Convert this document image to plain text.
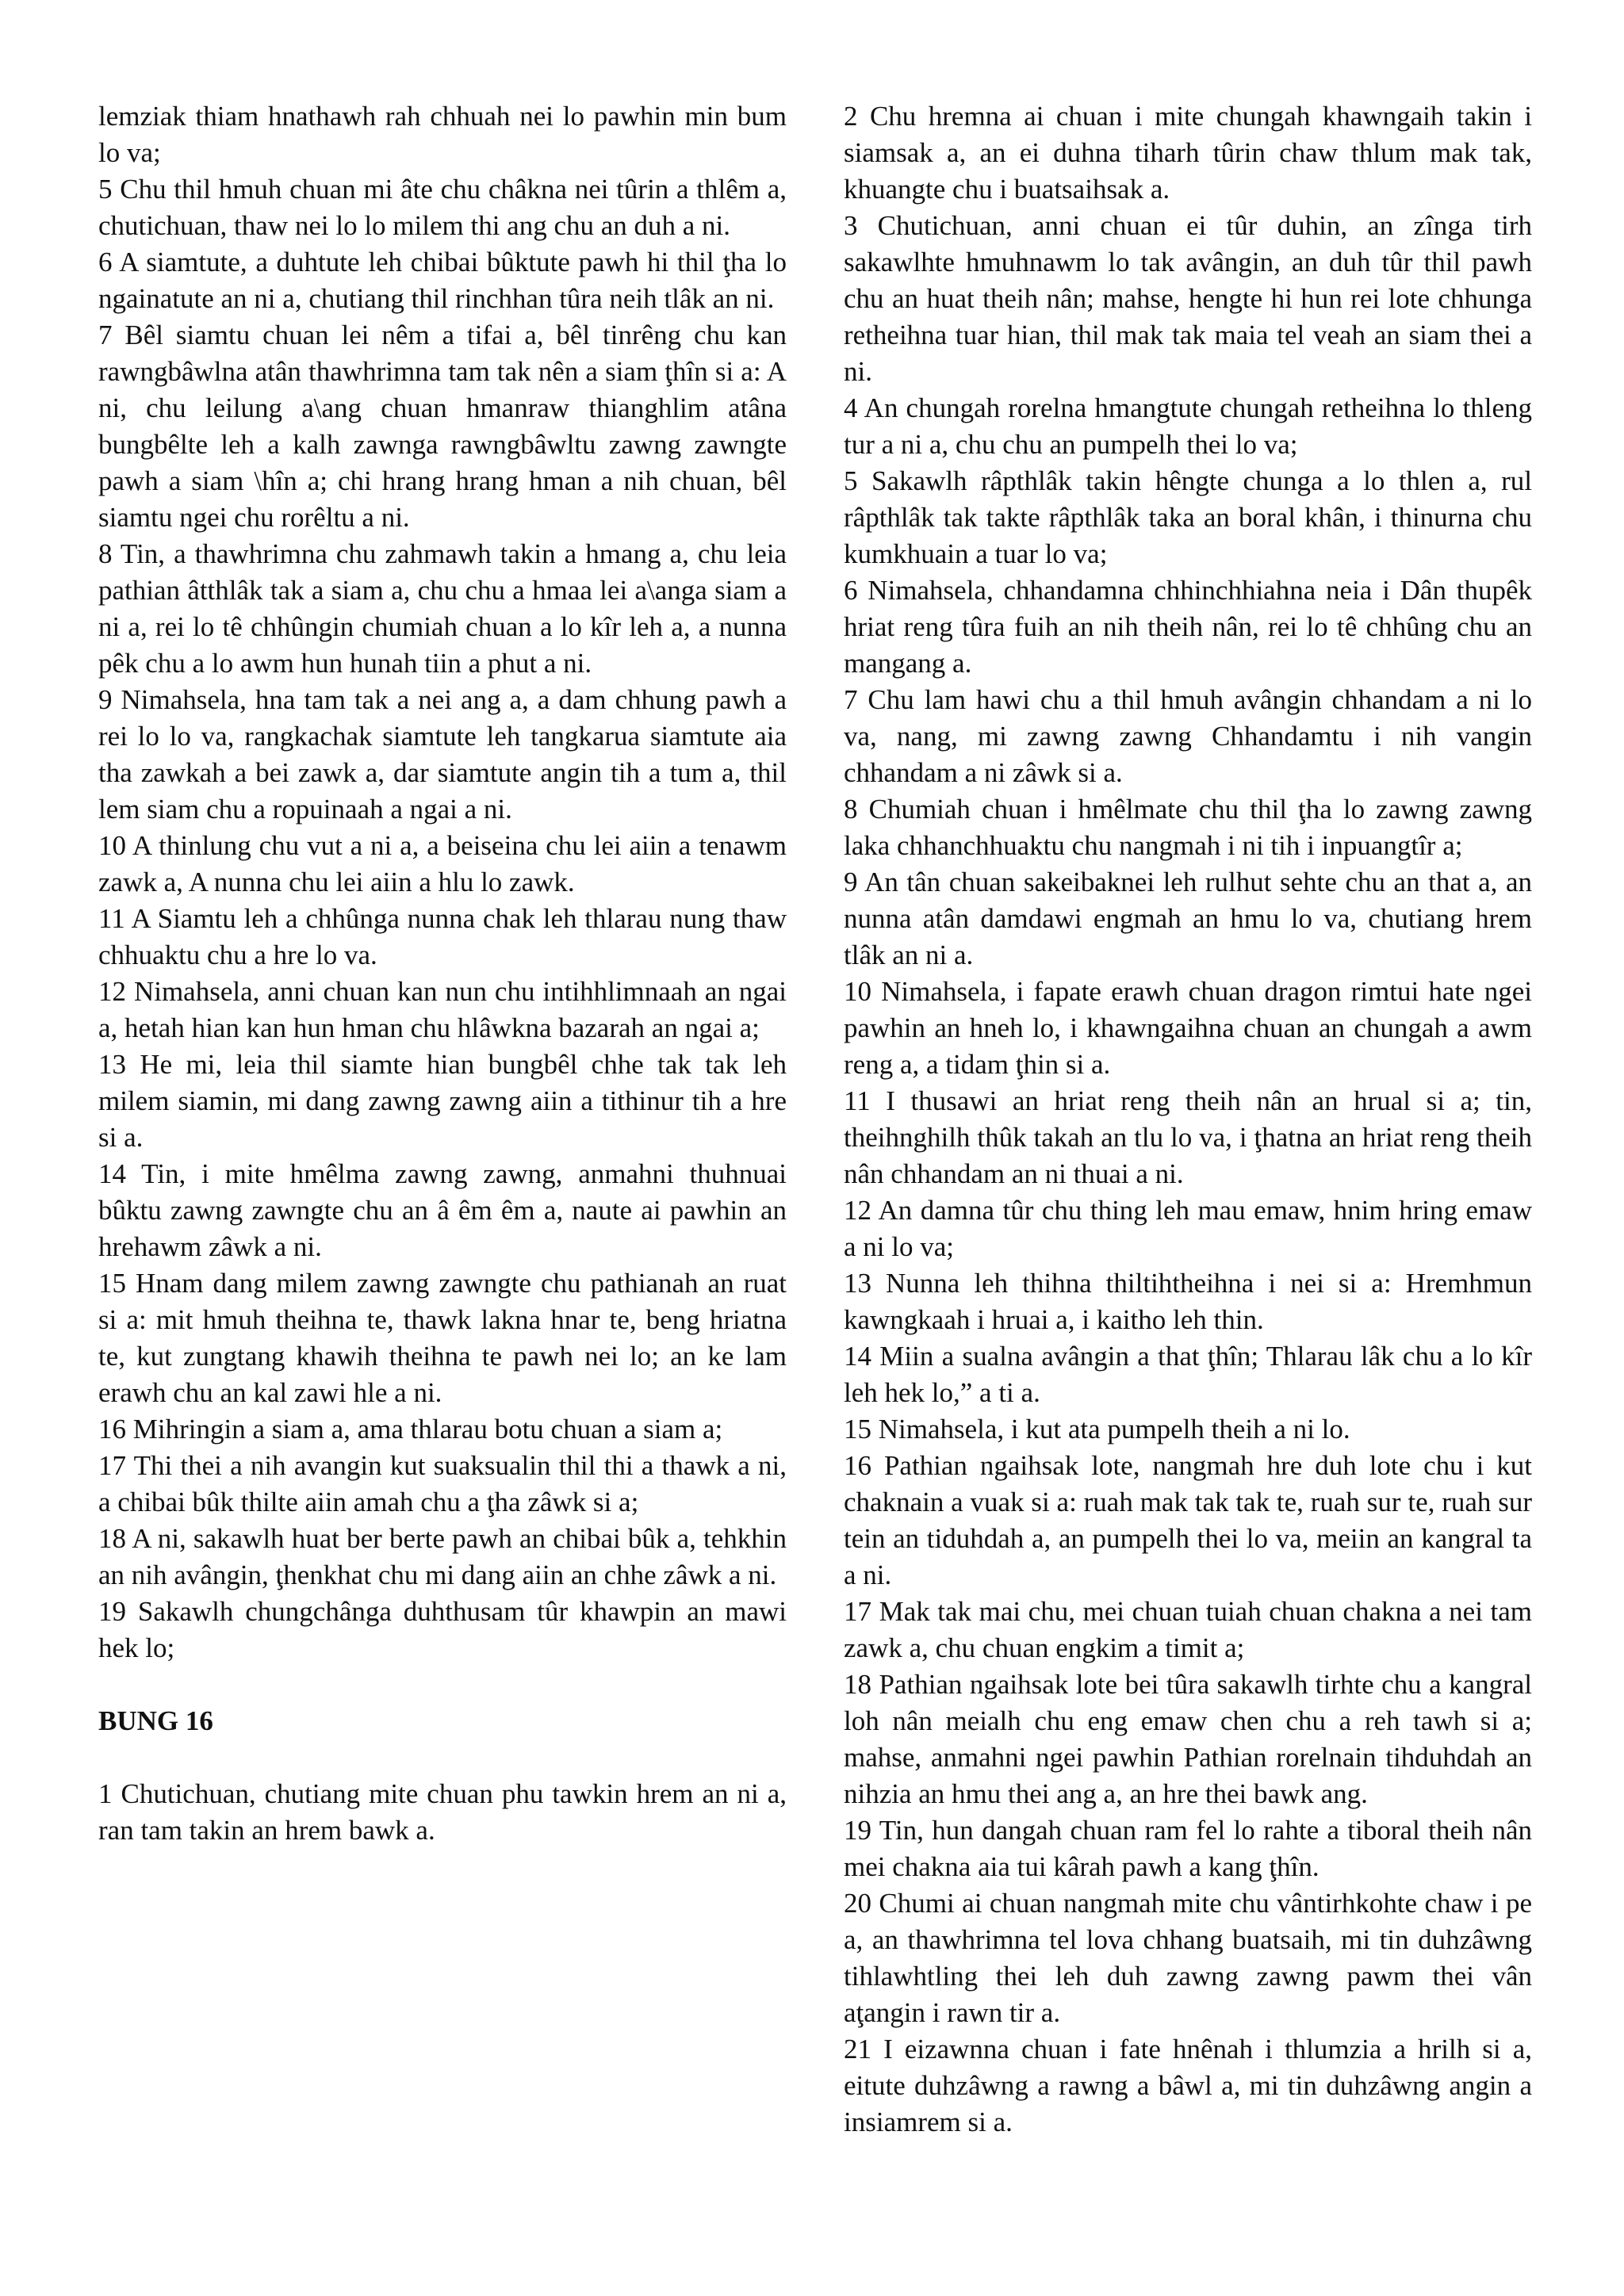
lemziak thiam hnathawh rah chhuah nei lo pawhin min bum lo va;

5 Chu thil hmuh chuan mi âte chu châkna nei tûrin a thlêm a, chutichuan, thaw nei lo lo milem thi ang chu an duh a ni.

6 A siamtute, a duhtute leh chibai bûktute pawh hi thil ţha lo ngainatute an ni a, chutiang thil rinchhan tûra neih tlâk an ni.

7 Bêl siamtu chuan lei nêm a tifai a, bêl tinrêng chu kan rawngbâwlna atân thawhrimna tam tak nên a siam ţhîn si a: A ni, chu leilung a\ang chuan hmanraw thianghlim atâna bungbêlte leh a kalh zawnga rawngbâwltu zawng zawngte pawh a siam \hîn a; chi hrang hrang hman a nih chuan, bêl siamtu ngei chu rorêltu a ni.

8 Tin, a thawhrimna chu zahmawh takin a hmang a, chu leia pathian âtthlâk tak a siam a, chu chu a hmaa lei a\anga siam a ni a, rei lo tê chhûngin chumiah chuan a lo kîr leh a, a nunna pêk chu a lo awm hun hunah tiin a phut a ni.

9 Nimahsela, hna tam tak a nei ang a, a dam chhung pawh a rei lo lo va, rangkachak siamtute leh tangkarua siamtute aia tha zawkah a bei zawk a, dar siamtute angin tih a tum a, thil lem siam chu a ropuinaah a ngai a ni.

10 A thinlung chu vut a ni a, a beiseina chu lei aiin a tenawm zawk a, A nunna chu lei aiin a hlu lo zawk.

11 A Siamtu leh a chhûnga nunna chak leh thlarau nung thaw chhuaktu chu a hre lo va.

12 Nimahsela, anni chuan kan nun chu intihhlimnaah an ngai a, hetah hian kan hun hman chu hlâwkna bazarah an ngai a;

13 He mi, leia thil siamte hian bungbêl chhe tak tak leh milem siamin, mi dang zawng zawng aiin a tithinur tih a hre si a.

14 Tin, i mite hmêlma zawng zawng, anmahni thuhnuai bûktu zawng zawngte chu an â êm êm a, naute ai pawhin an hrehawm zâwk a ni.

15 Hnam dang milem zawng zawngte chu pathianah an ruat si a: mit hmuh theihna te, thawk lakna hnar te, beng hriatna te, kut zungtang khawih theihna te pawh nei lo; an ke lam erawh chu an kal zawi hle a ni.

16 Mihringin a siam a, ama thlarau botu chuan a siam a;

17 Thi thei a nih avangin kut suaksualin thil thi a thawk a ni, a chibai bûk thilte aiin amah chu a ţha zâwk si a;

18 A ni, sakawlh huat ber berte pawh an chibai bûk a, tehkhin an nih avângin, ţhenkhat chu mi dang aiin an chhe zâwk a ni.

19 Sakawlh chungchânga duhthusam tûr khawpin an mawi hek lo;

BUNG 16

1 Chutichuan, chutiang mite chuan phu tawkin hrem an ni a, ran tam takin an hrem bawk a.

2 Chu hremna ai chuan i mite chungah khawngaih takin i siamsak a, an ei duhna tiharh tûrin chaw thlum mak tak, khuangte chu i buatsaihsak a.

3 Chutichuan, anni chuan ei tûr duhin, an zînga tirh sakawlhte hmuhnawm lo tak avângin, an duh tûr thil pawh chu an huat theih nân; mahse, hengte hi hun rei lote chhunga retheihna tuar hian, thil mak tak maia tel veah an siam thei a ni.

4 An chungah rorelna hmangtute chungah retheihna lo thleng tur a ni a, chu chu an pumpelh thei lo va;

5 Sakawlh râpthlâk takin hêngte chunga a lo thlen a, rul râpthlâk tak takte râpthlâk taka an boral khân, i thinurna chu kumkhuain a tuar lo va;

6 Nimahsela, chhandamna chhinchhiahna neia i Dân thupêk hriat reng tûra fuih an nih theih nân, rei lo tê chhûng chu an mangang a.

7 Chu lam hawi chu a thil hmuh avângin chhandam a ni lo va, nang, mi zawng zawng Chhandamtu i nih vangin chhandam a ni zâwk si a.

8 Chumiah chuan i hmêlmate chu thil ţha lo zawng zawng laka chhanchhuaktu chu nangmah i ni tih i inpuangtîr a;

9 An tân chuan sakeibaknei leh rulhut sehte chu an that a, an nunna atân damdawi engmah an hmu lo va, chutiang hrem tlâk an ni a.

10 Nimahsela, i fapate erawh chuan dragon rimtui hate ngei pawhin an hneh lo, i khawngaihna chuan an chungah a awm reng a, a tidam ţhin si a.

11 I thusawi an hriat reng theih nân an hrual si a; tin, theihnghilh thûk takah an tlu lo va, i ţhatna an hriat reng theih nân chhandam an ni thuai a ni.

12 An damna tûr chu thing leh mau emaw, hnim hring emaw a ni lo va;

13 Nunna leh thihna thiltihtheihna i nei si a: Hremhmun kawngkaah i hruai a, i kaitho leh thin.

14 Miin a sualna avângin a that ţhîn; Thlarau lâk chu a lo kîr leh hek lo,” a ti a.

15 Nimahsela, i kut ata pumpelh theih a ni lo.

16 Pathian ngaihsak lote, nangmah hre duh lote chu i kut chaknain a vuak si a: ruah mak tak tak te, ruah sur te, ruah sur tein an tiduhdah a, an pumpelh thei lo va, meiin an kangral ta a ni.

17 Mak tak mai chu, mei chuan tuiah chuan chakna a nei tam zawk a, chu chuan engkim a timit a;

18 Pathian ngaihsak lote bei tûra sakawlh tirhte chu a kangral loh nân meialh chu eng emaw chen chu a reh tawh si a; mahse, anmahni ngei pawhin Pathian rorelnain tihduhdah an nihzia an hmu thei ang a, an hre thei bawk ang.

19 Tin, hun dangah chuan ram fel lo rahte a tiboral theih nân mei chakna aia tui kârah pawh a kang ţhîn.

20 Chumi ai chuan nangmah mite chu vântirhkohte chaw i pe a, an thawhrimna tel lova chhang buatsaih, mi tin duhzâwng tihlawhtling thei leh duh zawng zawng pawm thei vân aţangin i rawn tir a.

21 I eizawnna chuan i fate hnênah i thlumzia a hrilh si a, eitute duhzâwng a rawng a bâwl a, mi tin duhzâwng angin a insiamrem si a.
